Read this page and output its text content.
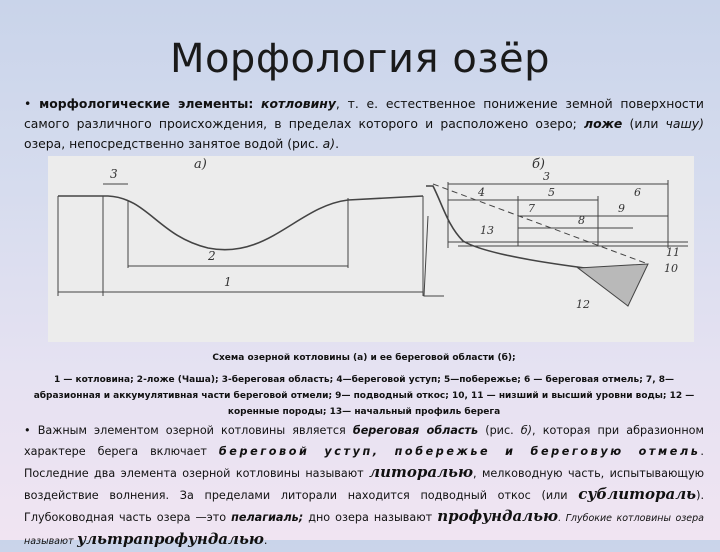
Морфология озёр
• морфологические элементы: котловину, т. е. естественное понижение земной поверхности самого различного происхождения, в пределах которого и расположено озеро; ложе (или чашу) озера, непосредственно занятое водой (рис. а).
а)
3
2
1
б)
3
4	5	6
7
8
9
13
11
10
12
Схема озерной котловины (а) и ее береговой области (б);
1 — котловина; 2-ложе (Чаша); 3-береговая область; 4—береговой уступ; 5—побережье; 6 — береговая отмель; 7, 8— абразионная и аккумулятивная части береговой отмели; 9— подводный откос; 10, 11 — низший и высший уровни воды; 12 — коренные породы; 13— начальный профиль берега
• Важным элементом озерной котловины является береговая область (рис. б), которая при абразионном характере берега включает береговой уступ, побережье и береговую отмель. Последние два элемента озерной котловины называют литоралью, мелководную часть, испытывающую воздействие волнения. За пределами литорали находится подводный откос (или сублитораль). Глубоководная часть озера —это пелагиаль; дно озера называют профундалью. Глубокие котловины озера называют ультрапрофундалью.
